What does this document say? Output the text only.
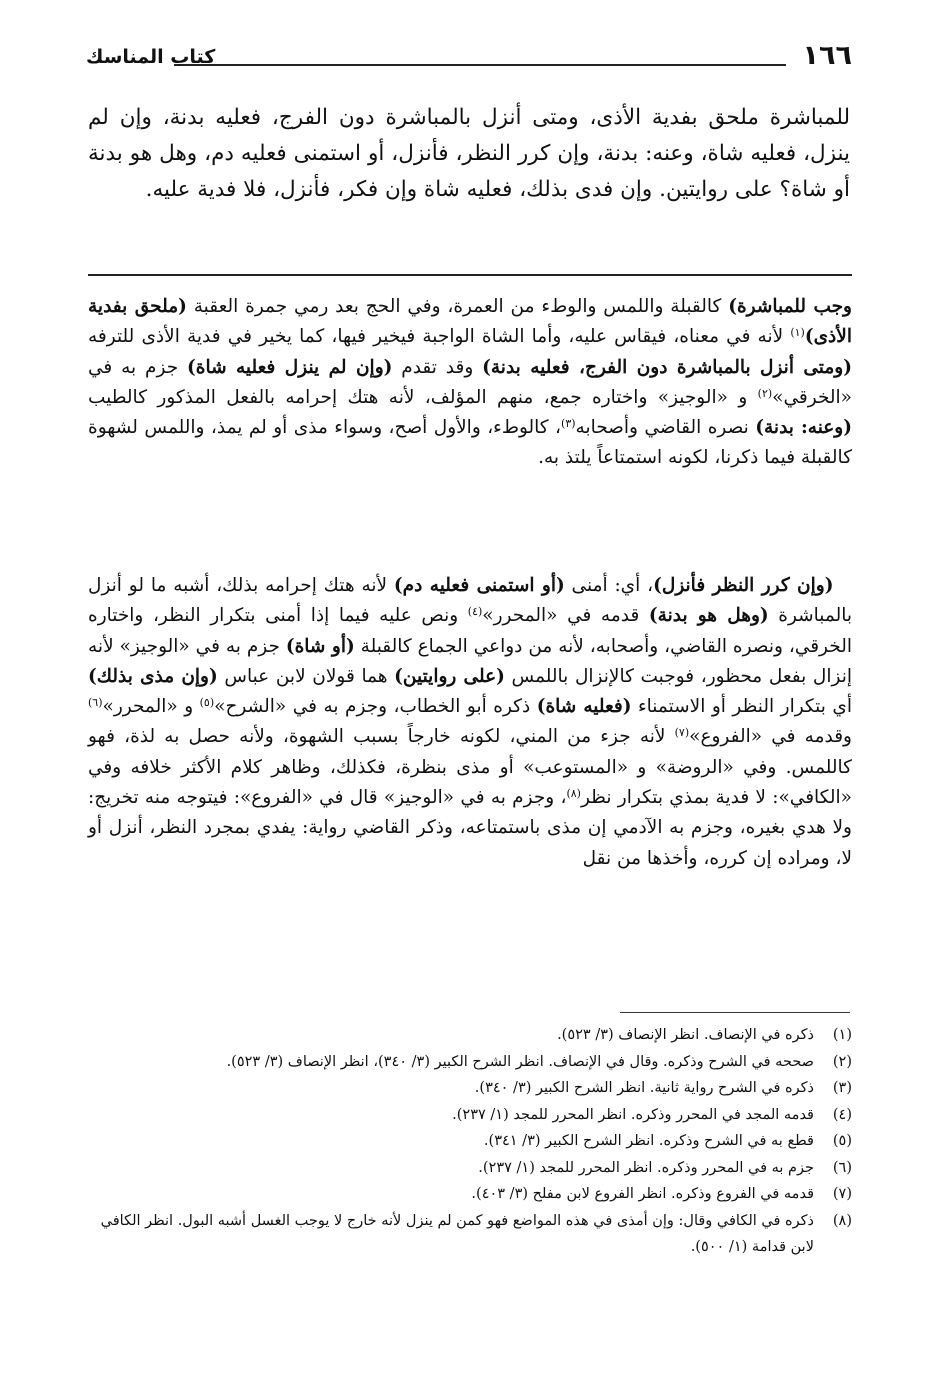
١٦٦
كتاب المناسك
للمباشرة ملحق بفدية الأذى، ومتى أنزل بالمباشرة دون الفرج، فعليه بدنة، وإن لم ينزل، فعليه شاة، وعنه: بدنة، وإن كرر النظر، فأنزل، أو استمنى فعليه دم، وهل هو بدنة أو شاة؟ على روايتين. وإن فدى بذلك، فعليه شاة وإن فكر، فأنزل، فلا فدية عليه.

وجب للمباشرة) كالقبلة واللمس والوطء من العمرة، وفي الحج بعد رمي جمرة العقبة (ملحق بفدية الأذى)$^{(١)}$ لأنه في معناه، فيقاس عليه، وأما الشاة الواجبة فيخير فيها، كما يخير في فدية الأذى للترفه (ومتى أنزل بالمباشرة دون الفرج، فعليه بدنة) وقد تقدم (وإن لم ينزل فعليه شاة) جزم به في «الخرقي»$^{(٢)}$ و «الوجيز» واختاره جمع، منهم المؤلف، لأنه هتك إحرامه بالفعل المذكور كالطيب (وعنه: بدنة) نصره القاضي وأصحابه$^{(٣)}$، كالوطء، والأول أصح، وسواء مذى أو لم يمذ، واللمس لشهوة كالقبلة فيما ذكرنا، لكونه استمتاعاً يلتذ به.

 (وإن كرر النظر فأنزل)، أي: أمنى (أو استمنى فعليه دم) لأنه هتك إحرامه بذلك، أشبه ما لو أنزل بالمباشرة (وهل هو بدنة) قدمه في «المحرر»$^{(٤)}$ ونص عليه فيما إذا أمنى بتكرار النظر، واختاره الخرقي، ونصره القاضي، وأصحابه، لأنه من دواعي الجماع كالقبلة (أو شاة) جزم به في «الوجيز» لأنه إنزال بفعل محظور، فوجبت كالإنزال باللمس (على روايتين) هما قولان لابن عباس (وإن مذى بذلك) أي بتكرار النظر أو الاستمناء (فعليه شاة) ذكره أبو الخطاب، وجزم به في «الشرح»$^{(٥)}$ و «المحرر»$^{(٦)}$ وقدمه في «الفروع»$^{(٧)}$ لأنه جزء من المني، لكونه خارجاً بسبب الشهوة، ولأنه حصل به لذة، فهو كاللمس. وفي «الروضة» و «المستوعب» أو مذى بنظرة، فكذلك، وظاهر كلام الأكثر خلافه وفي «الكافي»: لا فدية بمذي بتكرار نظر$^{(٨)}$، وجزم به في «الوجيز» قال في «الفروع»: فيتوجه منه تخريج: ولا هدي بغيره، وجزم به الآدمي إن مذى باستمتاعه، وذكر القاضي رواية: يفدي بمجرد النظر، أنزل أو لا، ومراده إن كرره، وأخذها من نقل

(١)
ذكره في الإنصاف. انظر الإنصاف (٣/ ٥٢٣).
(٢)
صححه في الشرح وذكره. وقال في الإنصاف. انظر الشرح الكبير (٣/ ٣٤٠)، انظر الإنصاف (٣/ ٥٢٣).
(٣)
ذكره في الشرح رواية ثانية. انظر الشرح الكبير (٣/ ٣٤٠).
(٤)
قدمه المجد في المحرر وذكره. انظر المحرر للمجد (١/ ٢٣٧).
(٥)
قطع به في الشرح وذكره. انظر الشرح الكبير (٣/ ٣٤١).
(٦)
جزم به في المحرر وذكره. انظر المحرر للمجد (١/ ٢٣٧).
(٧)
قدمه في الفروع وذكره. انظر الفروع لابن مفلح (٣/ ٤٠٣).
(٨)
ذكره في الكافي وقال: وإن أمذى في هذه المواضع فهو كمن لم ينزل لأنه خارج لا يوجب الغسل أشبه البول. انظر الكافي لابن قدامة (١/ ٥٠٠).
